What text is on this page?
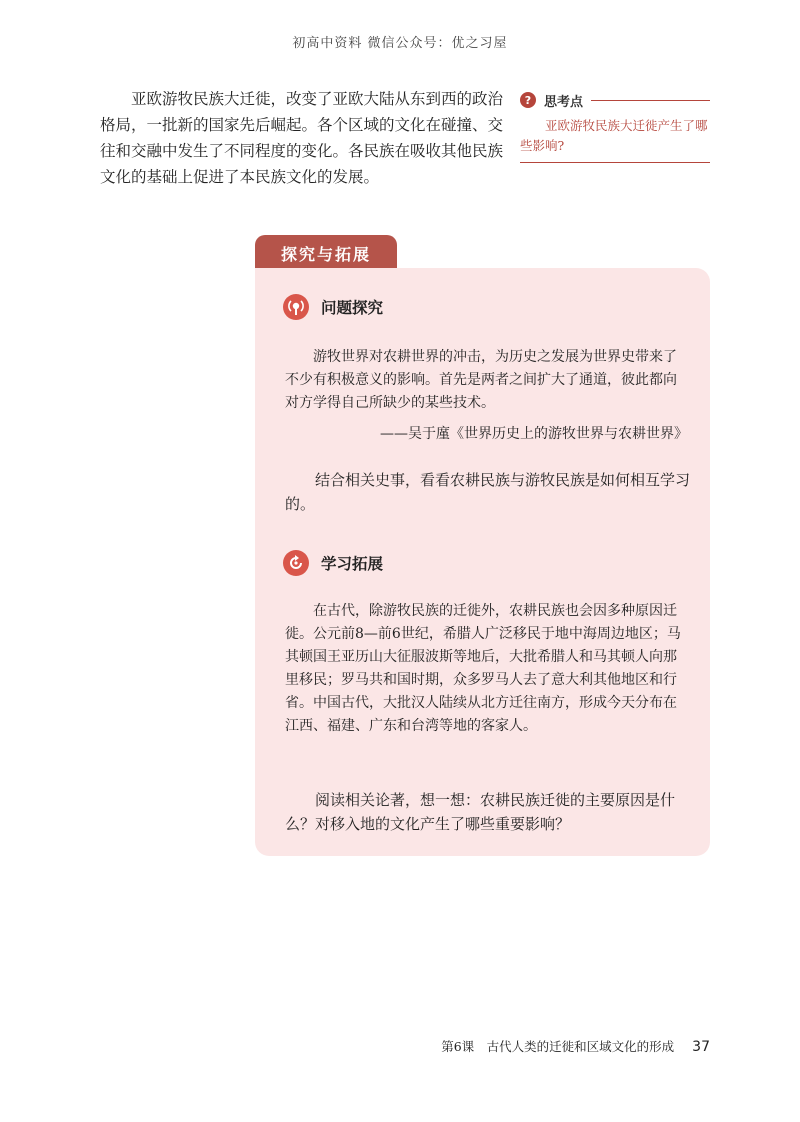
初高中资料 微信公众号：优之习屋

亚欧游牧民族大迁徙，改变了亚欧大陆从东到西的政治格局，一批新的国家先后崛起。各个区域的文化在碰撞、交往和交融中发生了不同程度的变化。各民族在吸收其他民族文化的基础上促进了本民族文化的发展。

? 思考点

亚欧游牧民族大迁徙产生了哪些影响?

探究与拓展
问题探究

游牧世界对农耕世界的冲击，为历史之发展为世界史带来了不少有积极意义的影响。首先是两者之间扩大了通道，彼此都向对方学得自己所缺少的某些技术。

——吴于廑《世界历史上的游牧世界与农耕世界》

结合相关史事，看看农耕民族与游牧民族是如何相互学习的。

学习拓展

在古代，除游牧民族的迁徙外，农耕民族也会因多种原因迁徙。公元前8—前6世纪，希腊人广泛移民于地中海周边地区；马其顿国王亚历山大征服波斯等地后，大批希腊人和马其顿人向那里移民；罗马共和国时期，众多罗马人去了意大利其他地区和行省。中国古代，大批汉人陆续从北方迁往南方，形成今天分布在江西、福建、广东和台湾等地的客家人。

阅读相关论著，想一想：农耕民族迁徙的主要原因是什么？对移入地的文化产生了哪些重要影响？

第6课　古代人类的迁徙和区域文化的形成 37
